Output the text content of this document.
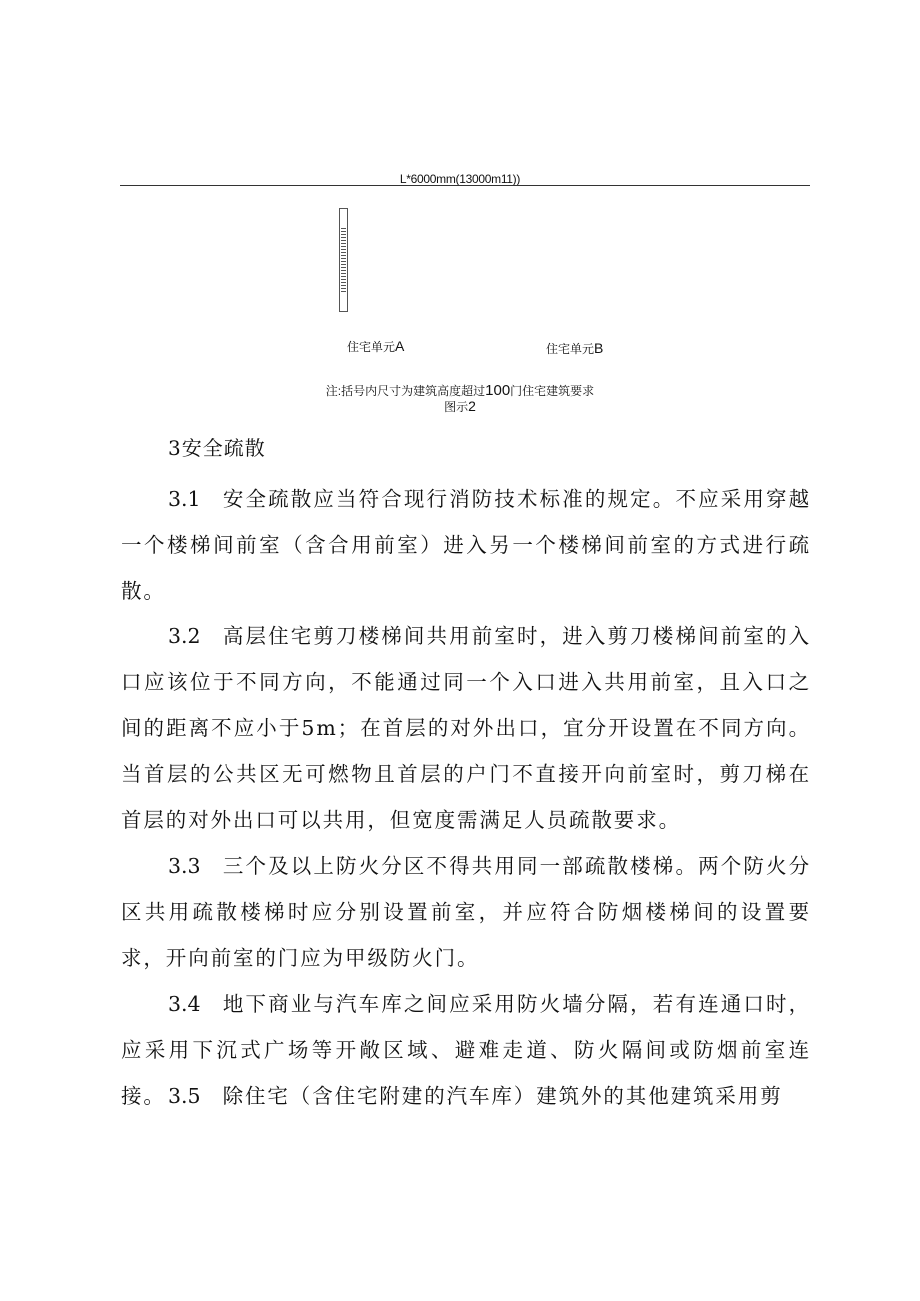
L*6000mm(13000m11))
住宅单元A	住宅单元B
注:括号内尺寸为建筑高度超过100门住宅建筑要求
图示2
3安全疏散
3.1 安全疏散应当符合现行消防技术标准的规定。不应采用穿越一个楼梯间前室（含合用前室）进入另一个楼梯间前室的方式进行疏散。
3.2 高层住宅剪刀楼梯间共用前室时，进入剪刀楼梯间前室的入口应该位于不同方向，不能通过同一个入口进入共用前室，且入口之间的距离不应小于5m；在首层的对外出口，宜分开设置在不同方向。当首层的公共区无可燃物且首层的户门不直接开向前室时，剪刀梯在首层的对外出口可以共用，但宽度需满足人员疏散要求。
3.3 三个及以上防火分区不得共用同一部疏散楼梯。两个防火分区共用疏散楼梯时应分别设置前室，并应符合防烟楼梯间的设置要求，开向前室的门应为甲级防火门。
3.4 地下商业与汽车库之间应采用防火墙分隔，若有连通口时，应采用下沉式广场等开敞区域、避难走道、防火隔间或防烟前室连接。 3.5 除住宅（含住宅附建的汽车库）建筑外的其他建筑采用剪
